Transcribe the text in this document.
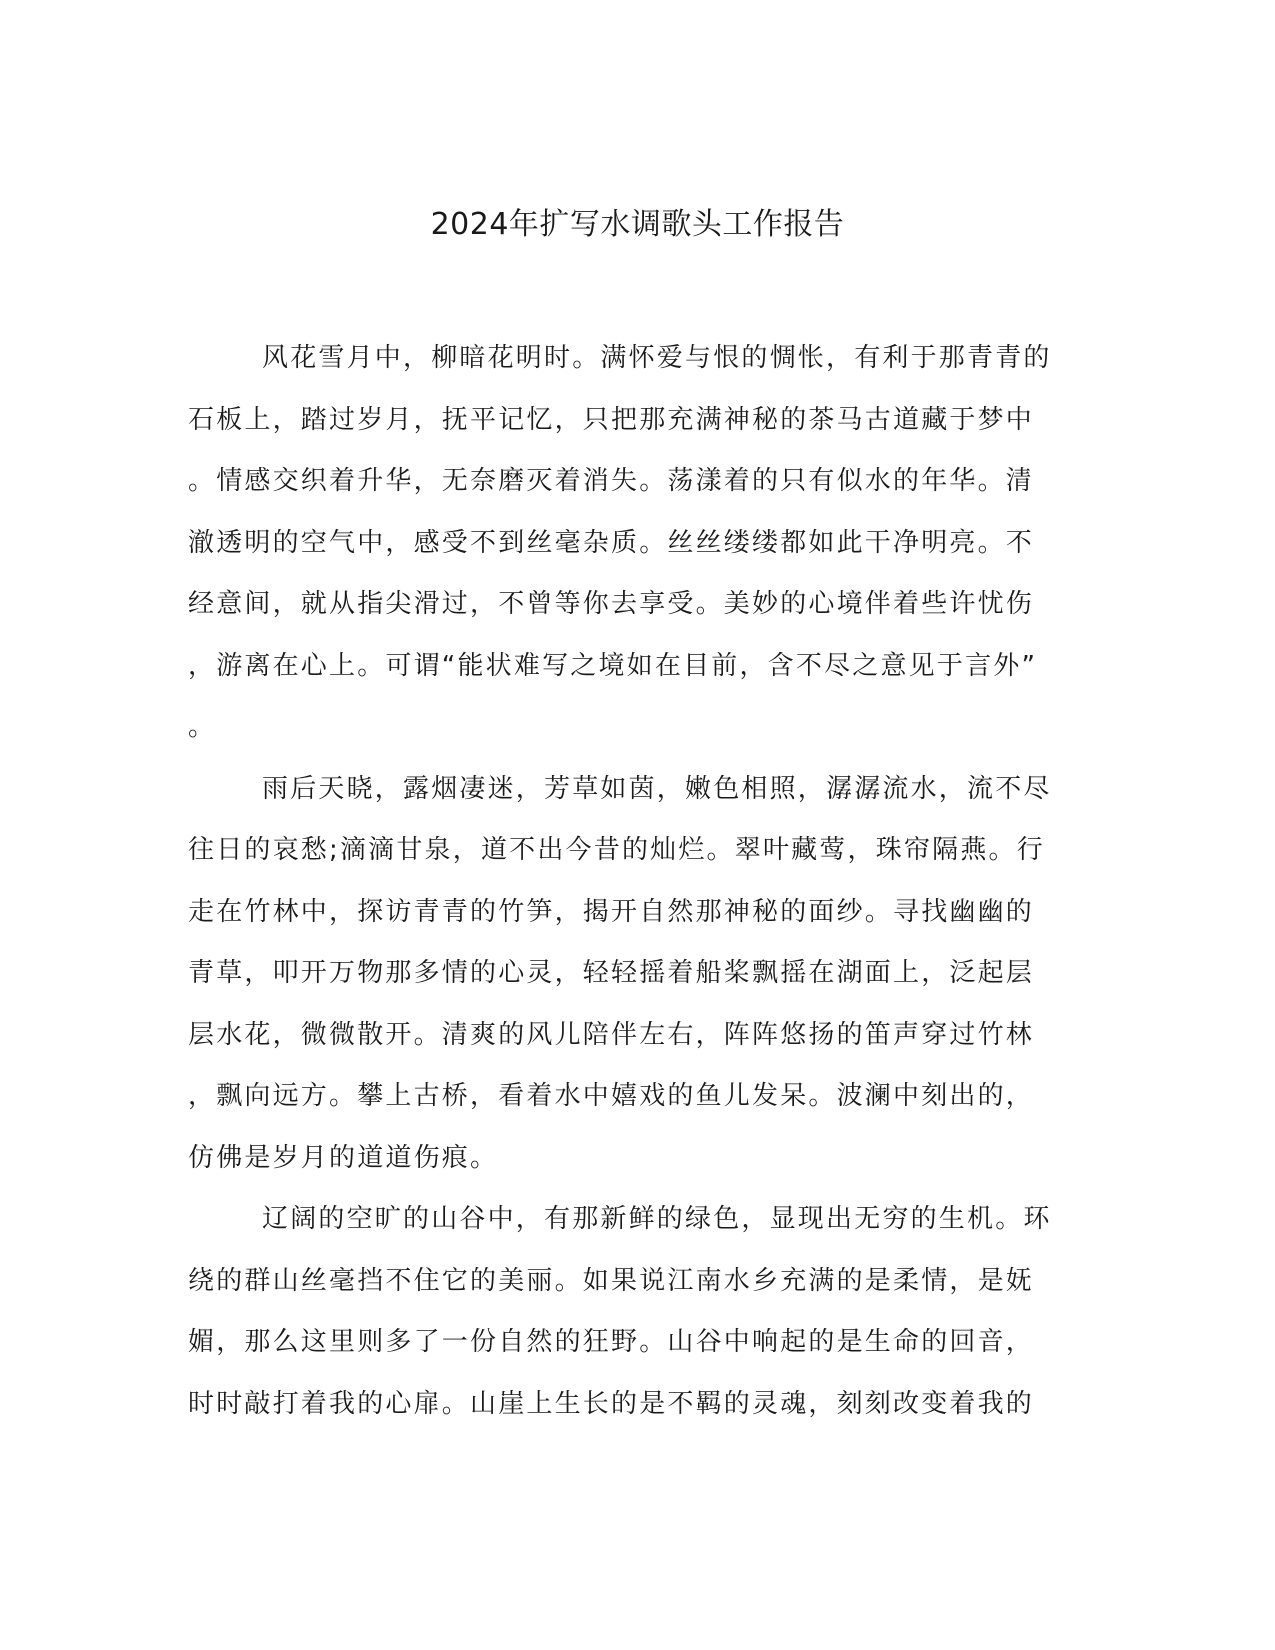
2024年扩写水调歌头工作报告

风花雪月中，柳暗花明时。满怀爱与恨的惆怅，有利于那青青的
石板上，踏过岁月，抚平记忆，只把那充满神秘的茶马古道藏于梦中
。情感交织着升华，无奈磨灭着消失。荡漾着的只有似水的年华。清
澈透明的空气中，感受不到丝毫杂质。丝丝缕缕都如此干净明亮。不
经意间，就从指尖滑过，不曾等你去享受。美妙的心境伴着些许忧伤
，游离在心上。可谓“能状难写之境如在目前，含不尽之意见于言外”
。

雨后天晓，露烟凄迷，芳草如茵，嫩色相照，潺潺流水，流不尽
往日的哀愁;滴滴甘泉，道不出今昔的灿烂。翠叶藏莺，珠帘隔燕。行
走在竹林中，探访青青的竹笋，揭开自然那神秘的面纱。寻找幽幽的
青草，叩开万物那多情的心灵，轻轻摇着船桨飘摇在湖面上，泛起层
层水花，微微散开。清爽的风儿陪伴左右，阵阵悠扬的笛声穿过竹林
，飘向远方。攀上古桥，看着水中嬉戏的鱼儿发呆。波澜中刻出的，
仿佛是岁月的道道伤痕。

辽阔的空旷的山谷中，有那新鲜的绿色，显现出无穷的生机。环
绕的群山丝毫挡不住它的美丽。如果说江南水乡充满的是柔情，是妩
媚，那么这里则多了一份自然的狂野。山谷中响起的是生命的回音，
时时敲打着我的心扉。山崖上生长的是不羁的灵魂，刻刻改变着我的
